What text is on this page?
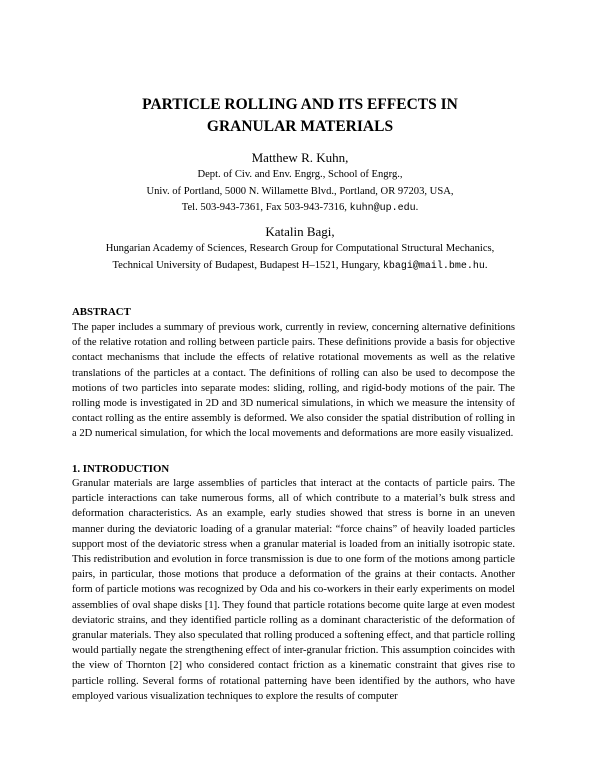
PARTICLE ROLLING AND ITS EFFECTS IN
GRANULAR MATERIALS
Matthew R. Kuhn,
Dept. of Civ. and Env. Engrg., School of Engrg.,
Univ. of Portland, 5000 N. Willamette Blvd., Portland, OR 97203, USA,
Tel. 503-943-7361, Fax 503-943-7316, kuhn@up.edu.
Katalin Bagi,
Hungarian Academy of Sciences, Research Group for Computational Structural Mechanics,
Technical University of Budapest, Budapest H–1521, Hungary, kbagi@mail.bme.hu.
ABSTRACT
The paper includes a summary of previous work, currently in review, concerning alternative definitions of the relative rotation and rolling between particle pairs. These definitions provide a basis for objective contact mechanisms that include the effects of relative rotational movements as well as the relative translations of the particles at a contact. The definitions of rolling can also be used to decompose the motions of two particles into separate modes: sliding, rolling, and rigid-body motions of the pair. The rolling mode is investigated in 2D and 3D numerical simulations, in which we measure the intensity of contact rolling as the entire assembly is deformed. We also consider the spatial distribution of rolling in a 2D numerical simulation, for which the local movements and deformations are more easily visualized.
1. INTRODUCTION
Granular materials are large assemblies of particles that interact at the contacts of particle pairs. The particle interactions can take numerous forms, all of which contribute to a material’s bulk stress and deformation characteristics. As an example, early studies showed that stress is borne in an uneven manner during the deviatoric loading of a granular material: “force chains” of heavily loaded particles support most of the deviatoric stress when a granular material is loaded from an initially isotropic state. This redistribution and evolution in force transmission is due to one form of the motions among particle pairs, in particular, those motions that produce a deformation of the grains at their contacts. Another form of particle motions was recognized by Oda and his co-workers in their early experiments on model assemblies of oval shape disks [1]. They found that particle rotations become quite large at even modest deviatoric strains, and they identified particle rolling as a dominant characteristic of the deformation of granular materials. They also speculated that rolling produced a softening effect, and that particle rolling would partially negate the strengthening effect of inter-granular friction. This assumption coincides with the view of Thornton [2] who considered contact friction as a kinematic constraint that gives rise to particle rolling. Several forms of rotational patterning have been identified by the authors, who have employed various visualization techniques to explore the results of computer
